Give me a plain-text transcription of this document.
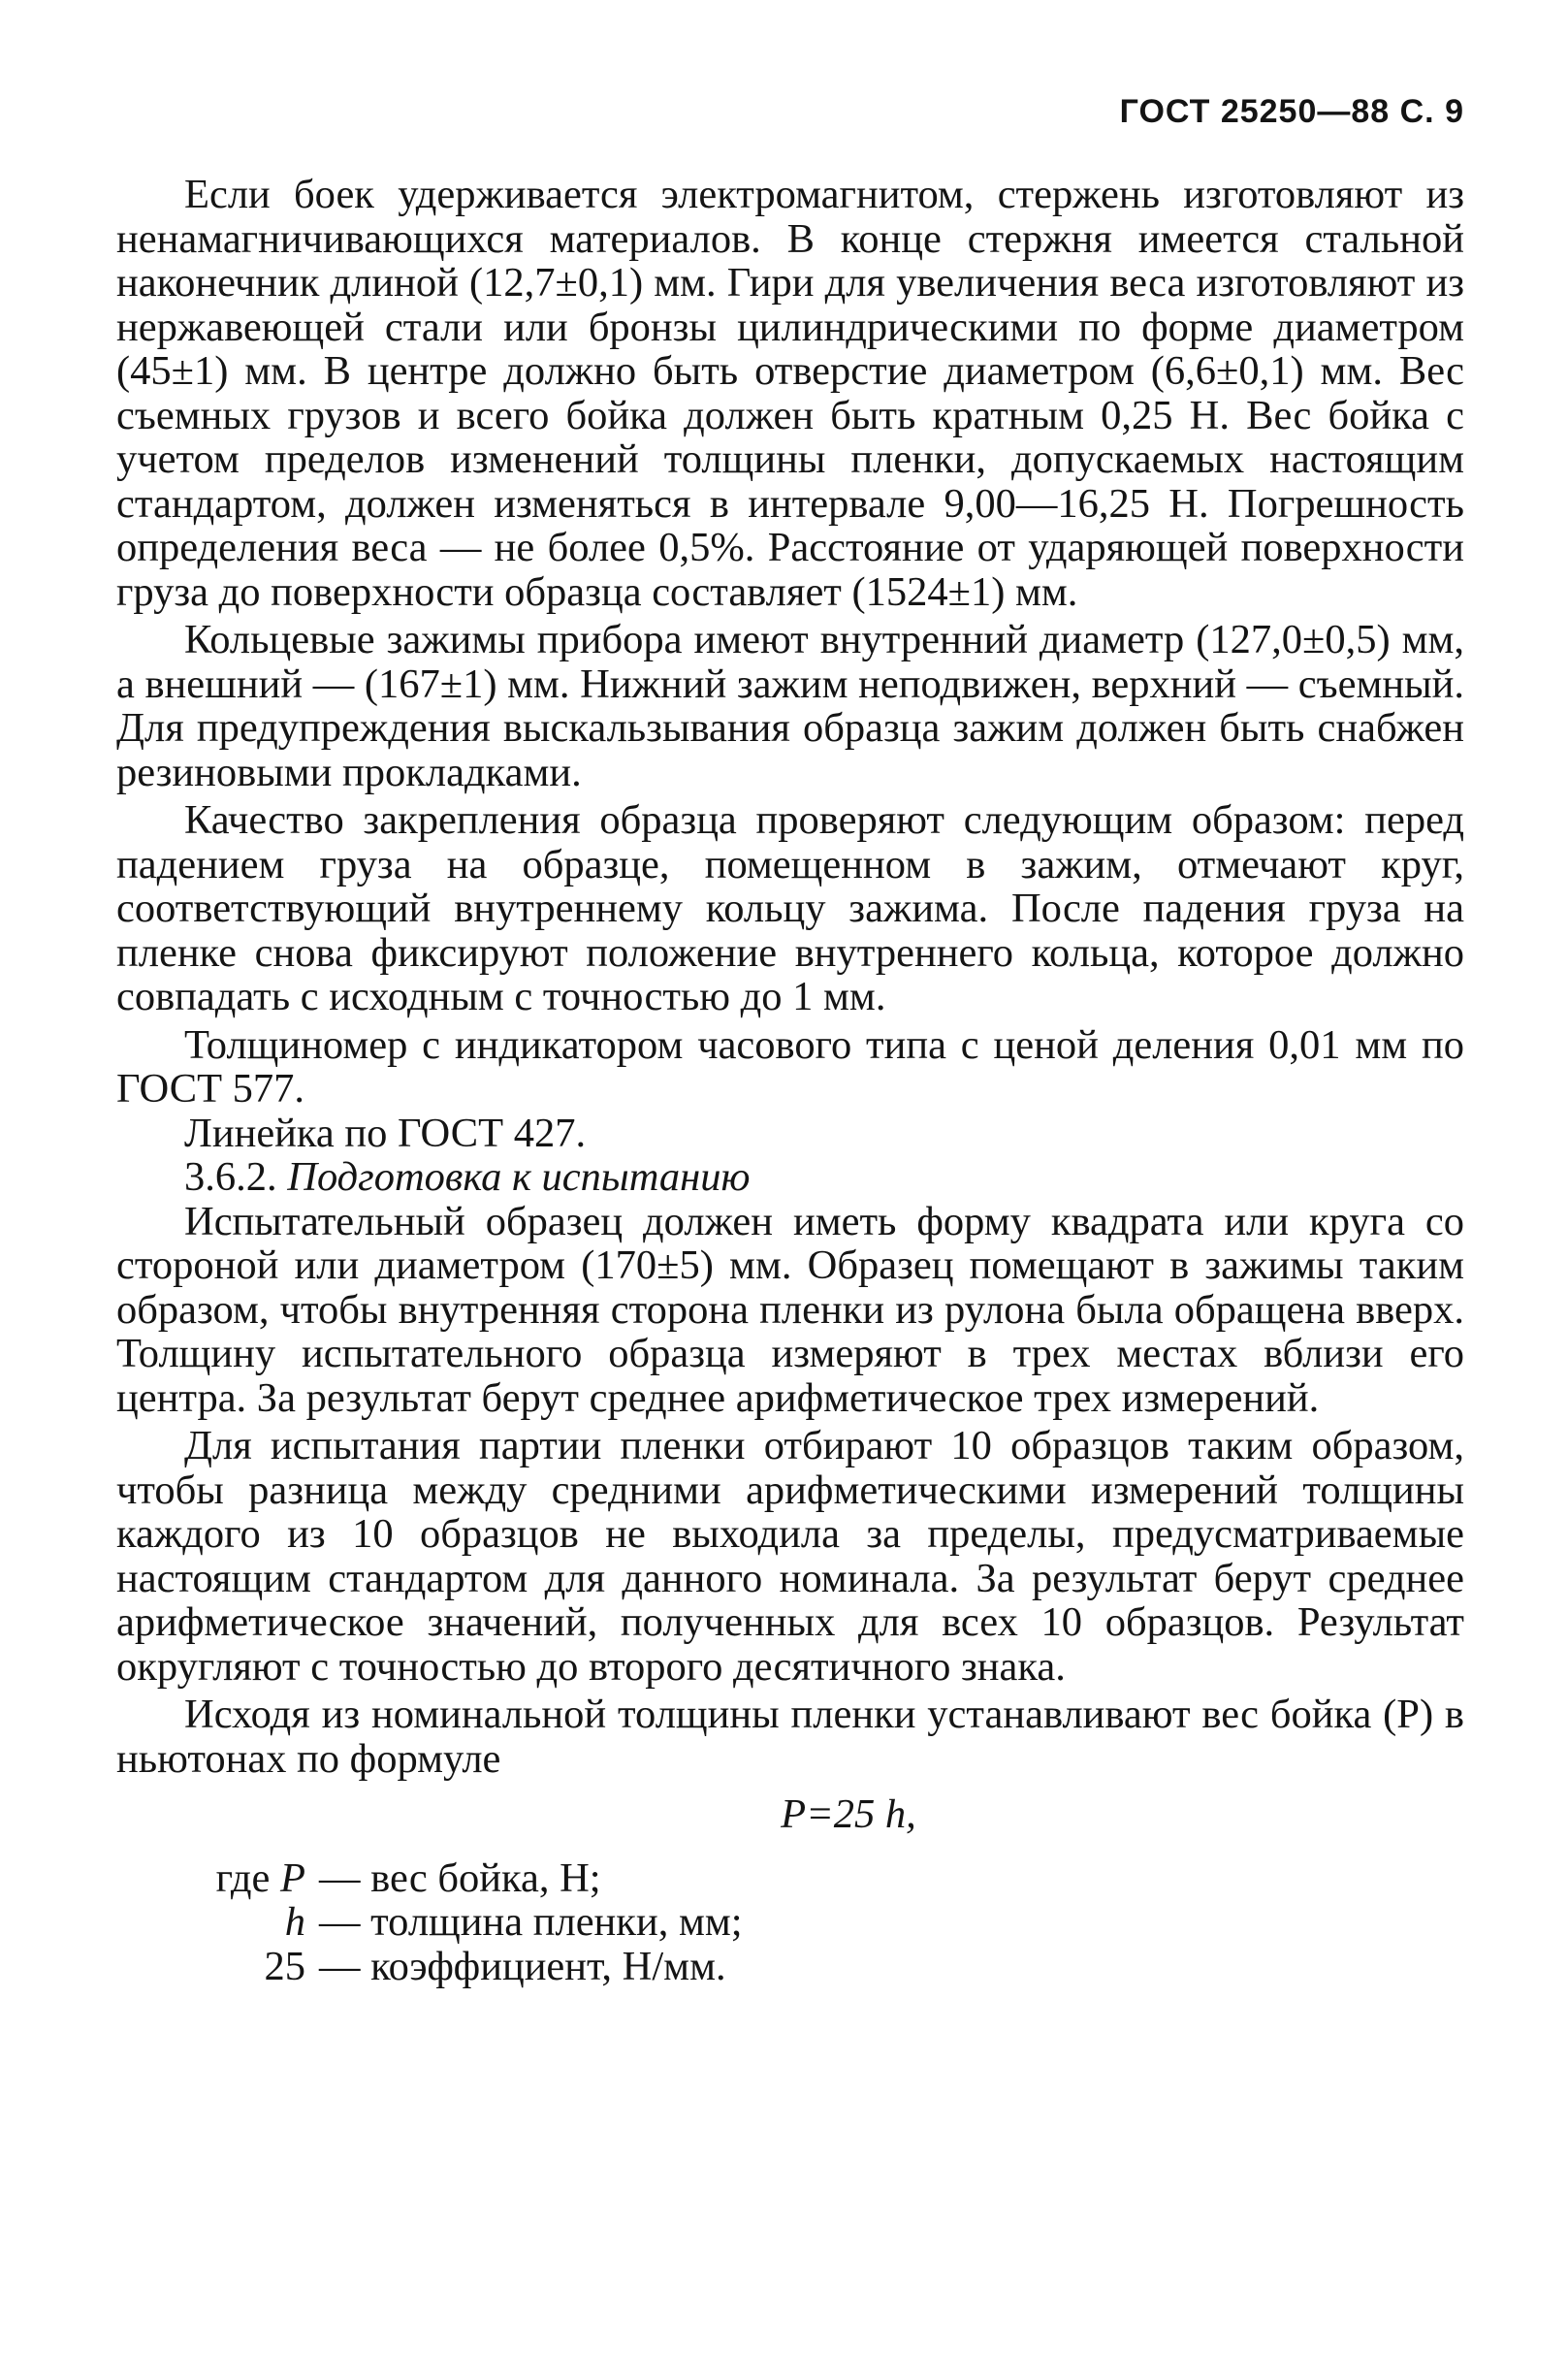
ГОСТ 25250—88 С. 9

Если боек удерживается электромагнитом, стержень изготовляют из ненамагничивающихся материалов. В конце стержня имеется стальной наконечник длиной (12,7±0,1) мм. Гири для увеличения веса изготовляют из нержавеющей стали или бронзы цилиндрическими по форме диаметром (45±1) мм. В центре должно быть отверстие диаметром (6,6±0,1) мм. Вес съемных грузов и всего бойка должен быть кратным 0,25 Н. Вес бойка с учетом пределов изменений толщины пленки, допускаемых настоящим стандартом, должен изменяться в интервале 9,00—16,25 Н. Погрешность определения веса — не более 0,5%. Расстояние от ударяющей поверхности груза до поверхности образца составляет (1524±1) мм.

Кольцевые зажимы прибора имеют внутренний диаметр (127,0±0,5) мм, а внешний — (167±1) мм. Нижний зажим неподвижен, верхний — съемный. Для предупреждения выскальзывания образца зажим должен быть снабжен резиновыми прокладками.

Качество закрепления образца проверяют следующим образом: перед падением груза на образце, помещенном в зажим, отмечают круг, соответствующий внутреннему кольцу зажима. После падения груза на пленке снова фиксируют положение внутреннего кольца, которое должно совпадать с исходным с точностью до 1 мм.

Толщиномер с индикатором часового типа с ценой деления 0,01 мм по ГОСТ 577.

Линейка по ГОСТ 427.

3.6.2. Подготовка к испытанию

Испытательный образец должен иметь форму квадрата или круга со стороной или диаметром (170±5) мм. Образец помещают в зажимы таким образом, чтобы внутренняя сторона пленки из рулона была обращена вверх. Толщину испытательного образца измеряют в трех местах вблизи его центра. За результат берут среднее арифметическое трех измерений.

Для испытания партии пленки отбирают 10 образцов таким образом, чтобы разница между средними арифметическими измерений толщины каждого из 10 образцов не выходила за пределы, предусматриваемые настоящим стандартом для данного номинала. За результат берут среднее арифметическое значений, полученных для всех 10 образцов. Результат округляют с точностью до второго десятичного знака.

Исходя из номинальной толщины пленки устанавливают вес бойка (P) в ньютонах по формуле

P=25 h,
где P — вес бойка, Н;
h — толщина пленки, мм;
25 — коэффициент, Н/мм.
